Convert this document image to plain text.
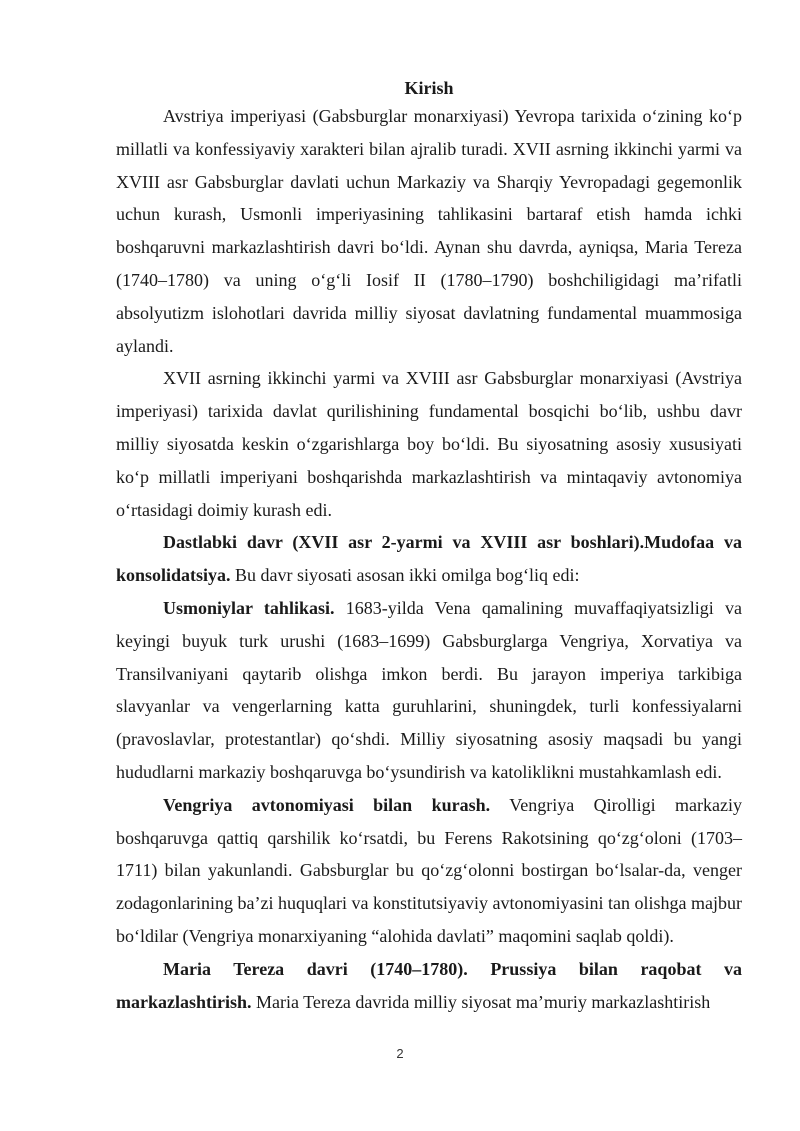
Kirish

Avstriya imperiyasi (Gabsburglar monarxiyasi) Yevropa tarixida o‘zining ko‘p millatli va konfessiyaviy xarakteri bilan ajralib turadi. XVII asrning ikkinchi yarmi va XVIII asr Gabsburglar davlati uchun Markaziy va Sharqiy Yevropadagi gegemonlik uchun kurash, Usmonli imperiyasining tahlikasini bartaraf etish hamda ichki boshqaruvni markazlashtirish davri bo‘ldi. Aynan shu davrda, ayniqsa, Maria Tereza (1740–1780) va uning o‘g‘li Iosif II (1780–1790) boshchiligidagi ma’rifatli absolyutizm islohotlari davrida milliy siyosat davlatning fundamental muammosiga aylandi.

XVII asrning ikkinchi yarmi va XVIII asr Gabsburglar monarxiyasi (Avstriya imperiyasi) tarixida davlat qurilishining fundamental bosqichi bo‘lib, ushbu davr milliy siyosatda keskin o‘zgarishlarga boy bo‘ldi. Bu siyosatning asosiy xususiyati ko‘p millatli imperiyani boshqarishda markazlashtirish va mintaqaviy avtonomiya o‘rtasidagi doimiy kurash edi.

Dastlabki davr (XVII asr 2-yarmi va XVIII asr boshlari).Mudofaa va konsolidatsiya. Bu davr siyosati asosan ikki omilga bog‘liq edi:

Usmoniylar tahlikasi. 1683-yilda Vena qamalining muvaffaqiyatsizligi va keyingi buyuk turk urushi (1683–1699) Gabsburglarga Vengriya, Xorvatiya va Transilvaniyani qaytarib olishga imkon berdi. Bu jarayon imperiya tarkibiga slavyanlar va vengerlarning katta guruhlarini, shuningdek, turli konfessiyalarni (pravoslavlar, protestantlar) qo‘shdi. Milliy siyosatning asosiy maqsadi bu yangi hududlarni markaziy boshqaruvga bo‘ysundirish va katoliklikni mustahkamlash edi.

Vengriya avtonomiyasi bilan kurash. Vengriya Qirolligi markaziy boshqaruvga qattiq qarshilik ko‘rsatdi, bu Ferens Rakotsining qo‘zg‘oloni (1703–1711) bilan yakunlandi. Gabsburglar bu qo‘zg‘olonni bostirgan bo‘lsalar-da, venger zodagonlarining ba’zi huquqlari va konstitutsiyaviy avtonomiyasini tan olishga majbur bo‘ldilar (Vengriya monarxiyaning “alohida davlati” maqomini saqlab qoldi).

Maria Tereza davri (1740–1780). Prussiya bilan raqobat va markazlashtirish. Maria Tereza davrida milliy siyosat ma’muriy markazlashtirish

2
